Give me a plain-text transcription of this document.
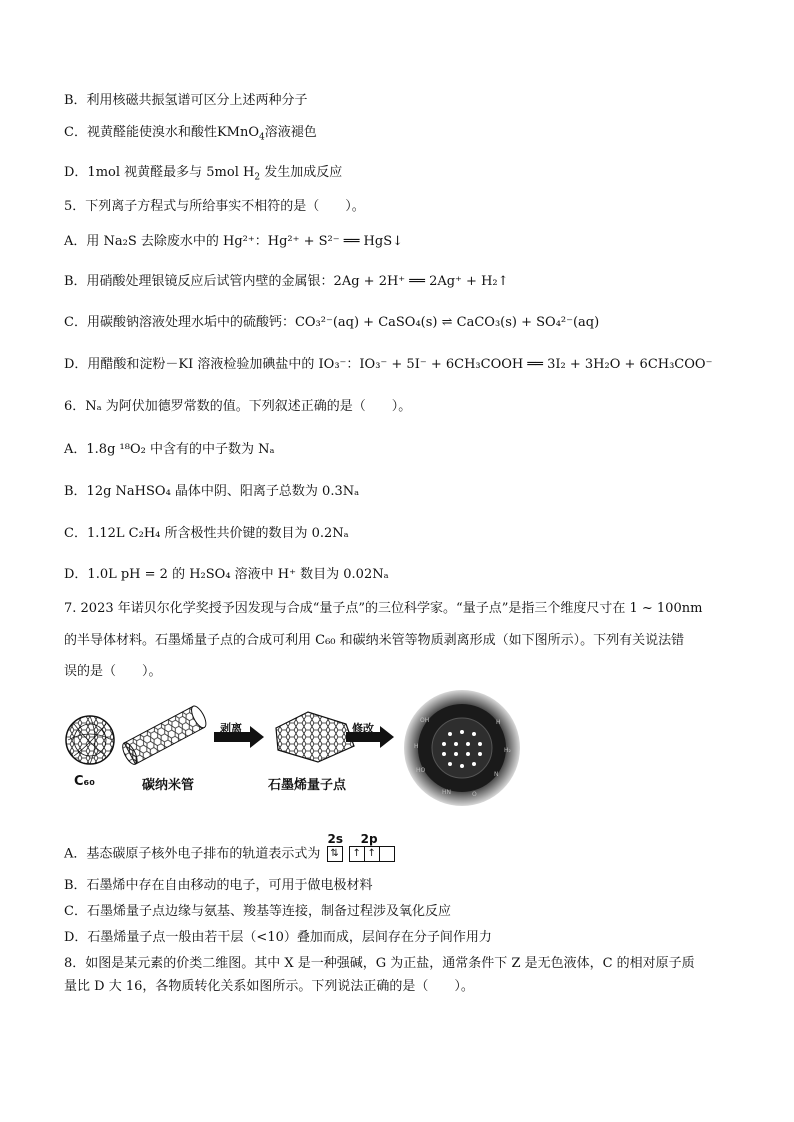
B．利用核磁共振氢谱可区分上述两种分子
C．视黄醛能使溴水和酸性KMnO$_4$溶液褪色
D．1mol 视黄醛最多与 5mol $H_2$ 发生加成反应
5．下列离子方程式与所给事实不相符的是（　　）。
A．用 Na₂S 去除废水中的 Hg²⁺：Hg²⁺ + S²⁻ ══ HgS↓
B．用硝酸处理银镜反应后试管内壁的金属银：2Ag + 2H⁺ ══ 2Ag⁺ + H₂↑
C．用碳酸钠溶液处理水垢中的硫酸钙：CO₃²⁻(aq) + CaSO₄(s) ⇌ CaCO₃(s) + SO₄²⁻(aq)
D．用醋酸和淀粉－KI 溶液检验加碘盐中的 IO₃⁻：IO₃⁻ + 5I⁻ + 6CH₃COOH ══ 3I₂ + 3H₂O + 6CH₃COO⁻
6．Nₐ 为阿伏加德罗常数的值。下列叙述正确的是（　　）。
A．1.8g ¹⁸O₂ 中含有的中子数为 Nₐ
B．12g NaHSO₄ 晶体中阴、阳离子总数为 0.3Nₐ
C．1.12L C₂H₄ 所含极性共价键的数目为 0.2Nₐ
D．1.0L pH = 2 的 H₂SO₄ 溶液中 H⁺ 数目为 0.02Nₐ
7. 2023 年诺贝尔化学奖授予因发现与合成“量子点”的三位科学家。“量子点”是指三个维度尺寸在 1 ~ 100nm
的半导体材料。石墨烯量子点的合成可利用 C₆₀ 和碳纳米管等物质剥离形成（如下图所示）。下列有关说法错
误的是（　　）。
OH	H
H
H₂
HO
N
HN	O
C₆₀	碳纳米管
剥离
石墨烯量子点
修改
A．基态碳原子核外电子排布的轨道表示式为
2s
⇅
2p
↑ ↑
B．石墨烯中存在自由移动的电子，可用于做电极材料
C．石墨烯量子点边缘与氨基、羧基等连接，制备过程涉及氧化反应
D．石墨烯量子点一般由若干层（<10）叠加而成，层间存在分子间作用力
8．如图是某元素的价类二维图。其中 X 是一种强碱，G 为正盐，通常条件下 Z 是无色液体，C 的相对原子质
量比 D 大 16，各物质转化关系如图所示。下列说法正确的是（　　）。
